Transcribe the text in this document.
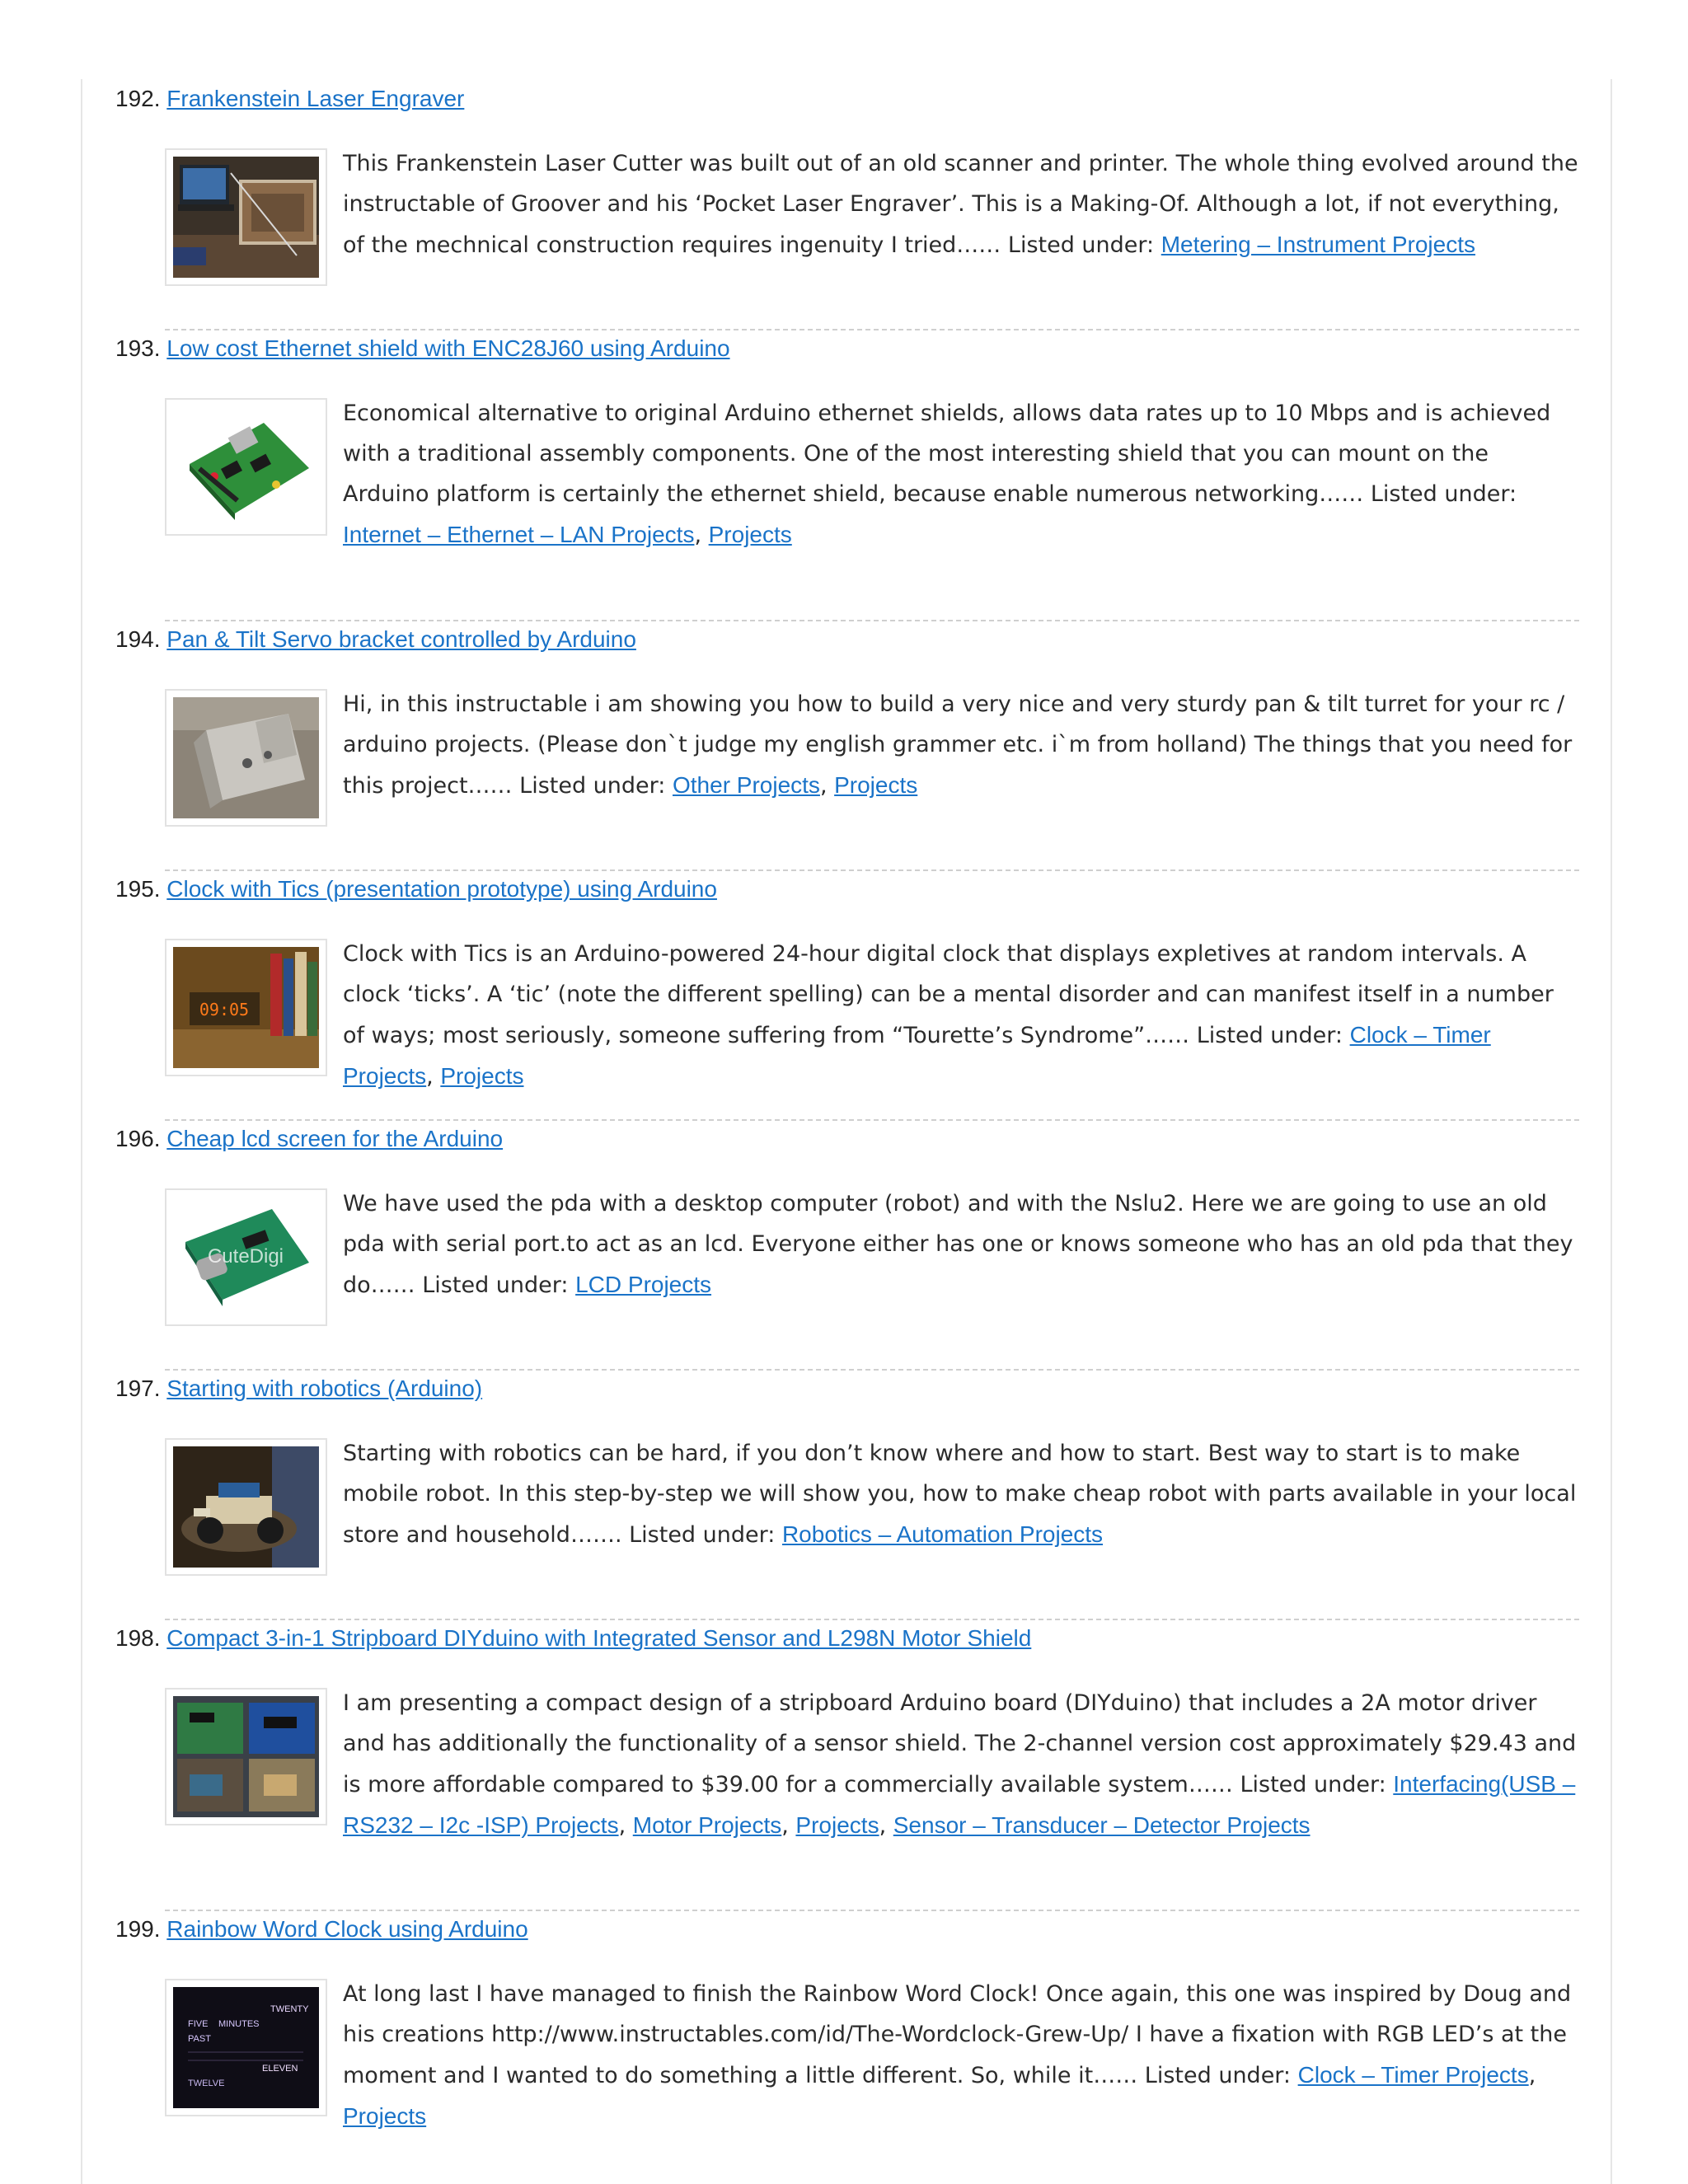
192. Frankenstein Laser Engraver

This Frankenstein Laser Cutter was built out of an old scanner and printer. The whole thing evolved around the instructable of Groover and his ‘Pocket Laser Engraver’. This is a Making-Of. Although a lot, if not everything, of the mechnical construction requires ingenuity I tried…… Listed under: Metering – Instrument Projects

193. Low cost Ethernet shield with ENC28J60 using Arduino

Economical alternative to original Arduino ethernet shields, allows data rates up to 10 Mbps and is achieved with a traditional assembly components. One of the most interesting shield that you can mount on the Arduino platform is certainly the ethernet shield, because enable numerous networking…… Listed under: Internet – Ethernet – LAN Projects, Projects

194. Pan & Tilt Servo bracket controlled by Arduino

Hi, in this instructable i am showing you how to build a very nice and very sturdy pan & tilt turret for your rc / arduino projects. (Please don`t judge my english grammer etc. i`m from holland) The things that you need for this project…… Listed under: Other Projects, Projects

195. Clock with Tics (presentation prototype) using Arduino
09:05

Clock with Tics is an Arduino-powered 24-hour digital clock that displays expletives at random intervals. A clock ‘ticks’. A ‘tic’ (note the different spelling) can be a mental disorder and can manifest itself in a number of ways; most seriously, someone suffering from “Tourette’s Syndrome”…… Listed under: Clock – Timer Projects, Projects

196. Cheap lcd screen for the Arduino
CuteDigi

We have used the pda with a desktop computer (robot) and with the Nslu2. Here we are going to use an old pda with serial port.to act as an lcd. Everyone either has one or knows someone who has an old pda that they do…… Listed under: LCD Projects

197. Starting with robotics (Arduino)

Starting with robotics can be hard, if you don’t know where and how to start. Best way to start is to make mobile robot. In this step-by-step we will show you, how to make cheap robot with parts available in your local store and household……. Listed under: Robotics – Automation Projects

198. Compact 3-in-1 Stripboard DIYduino with Integrated Sensor and L298N Motor Shield

I am presenting a compact design of a stripboard Arduino board (DIYduino) that includes a 2A motor driver and has additionally the functionality of a sensor shield. The 2-channel version cost approximately $29.43 and is more affordable compared to $39.00 for a commercially available system…… Listed under: Interfacing(USB – RS232 – I2c -ISP) Projects, Motor Projects, Projects, Sensor – Transducer – Detector Projects

199. Rainbow Word Clock using Arduino
TWENTY
FIVE MINUTES
PAST
ELEVEN
TWELVE

At long last I have managed to finish the Rainbow Word Clock! Once again, this one was inspired by Doug and his creations http://www.instructables.com/id/The-Wordclock-Grew-Up/ I have a fixation with RGB LED’s at the moment and I wanted to do something a little different. So, while it…… Listed under: Clock – Timer Projects, Projects
